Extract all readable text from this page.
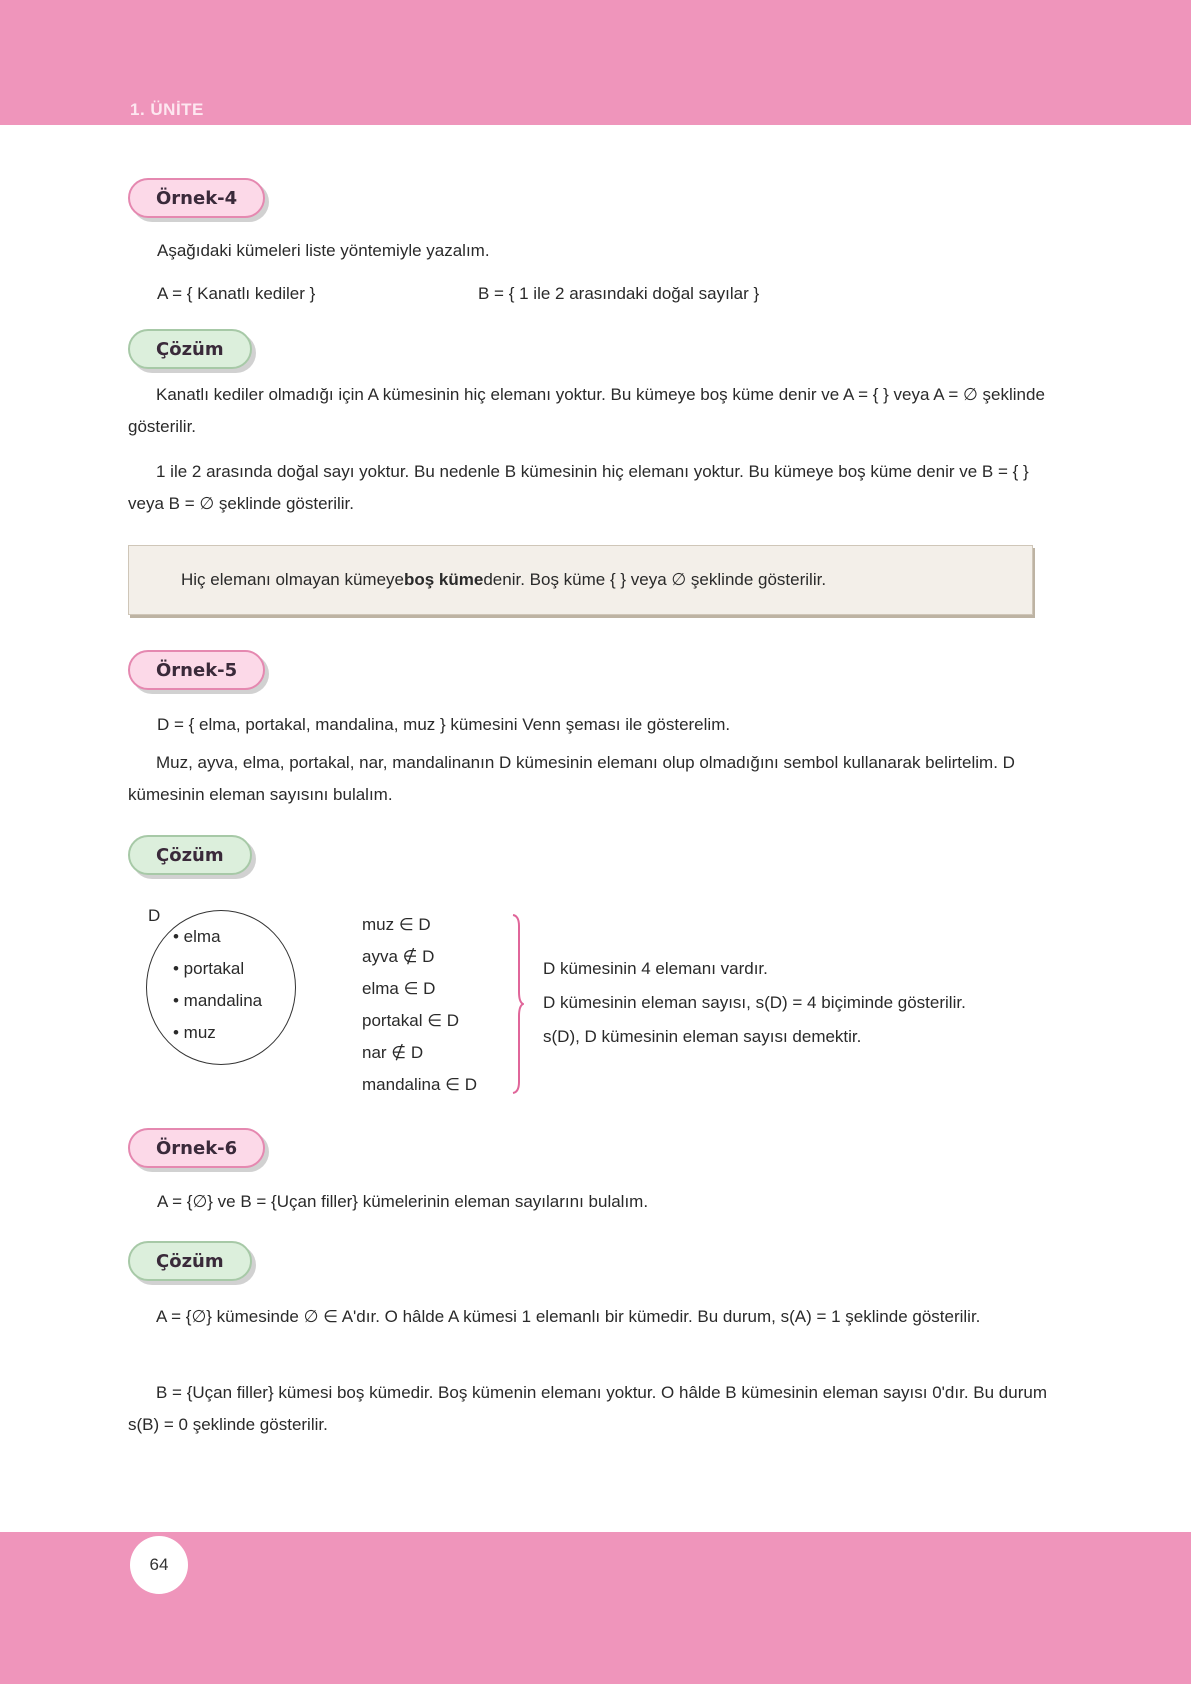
1. ÜNİTE
Örnek-4
Aşağıdaki kümeleri liste yöntemiyle yazalım.
A = { Kanatlı kediler }	B = { 1 ile 2 arasındaki doğal sayılar }
Çözüm
Kanatlı kediler olmadığı için A kümesinin hiç elemanı yoktur. Bu kümeye boş küme denir ve A = { } veya A = ∅ şeklinde gösterilir.
1 ile 2 arasında doğal sayı yoktur. Bu nedenle B kümesinin hiç elemanı yoktur. Bu kümeye boş küme denir ve B = { } veya B = ∅ şeklinde gösterilir.
Hiç elemanı olmayan kümeye boş küme denir. Boş küme { } veya ∅ şeklinde gösterilir.
Örnek-5
D = { elma, portakal, mandalina, muz } kümesini Venn şeması ile gösterelim.
Muz, ayva, elma, portakal, nar, mandalinanın D kümesinin elemanı olup olmadığını sembol kullanarak belirtelim. D kümesinin eleman sayısını bulalım.
Çözüm
D
• elma
• portakal
• mandalina
• muz
muz ∈ D
ayva ∉ D
elma ∈ D
portakal ∈ D
nar ∉ D
mandalina ∈ D
D kümesinin 4 elemanı vardır.
D kümesinin eleman sayısı, s(D) = 4 biçiminde gösterilir.
s(D), D kümesinin eleman sayısı demektir.
Örnek-6
A = {∅} ve B = {Uçan filler} kümelerinin eleman sayılarını bulalım.
Çözüm
A = {∅} kümesinde ∅ ∈ A'dır. O hâlde A kümesi 1 elemanlı bir kümedir. Bu durum, s(A) = 1 şeklinde gösterilir.
B = {Uçan filler} kümesi boş kümedir. Boş kümenin elemanı yoktur. O hâlde B kümesinin eleman sayısı 0'dır. Bu durum s(B) = 0 şeklinde gösterilir.
64
